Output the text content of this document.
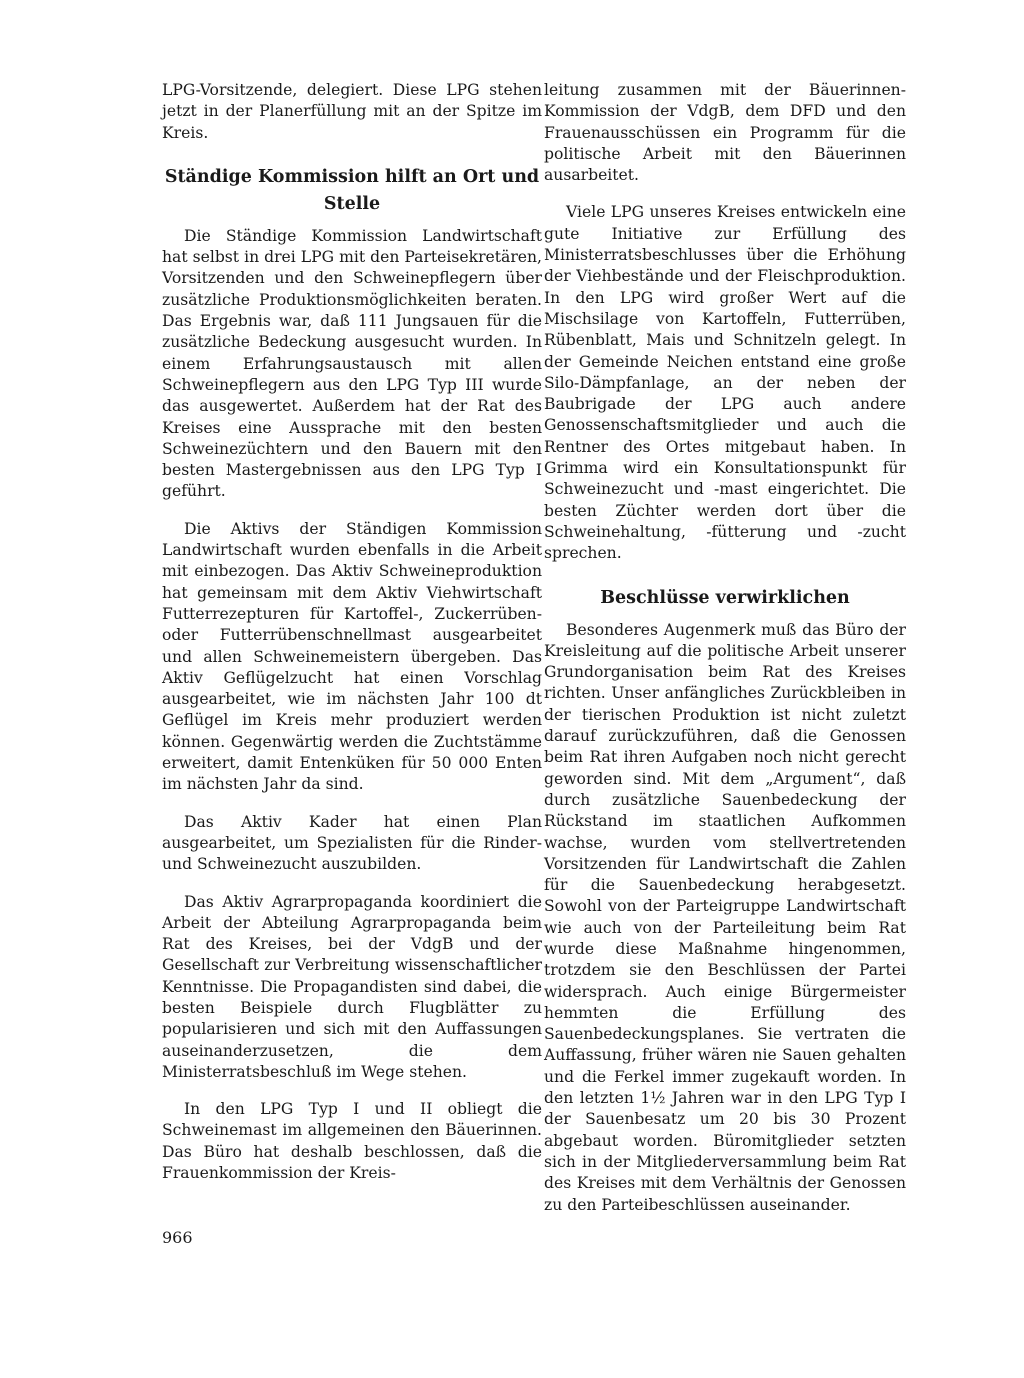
LPG-Vorsitzende, delegiert. Diese LPG stehen jetzt in der Planerfüllung mit an der Spitze im Kreis.

Ständige Kommission hilft an Ort und Stelle

Die Ständige Kommission Landwirtschaft hat selbst in drei LPG mit den Parteisekretären, Vorsitzenden und den Schweinepflegern über zusätzliche Produktionsmöglichkeiten beraten. Das Ergebnis war, daß 111 Jungsauen für die zusätzliche Bedeckung ausgesucht wurden. In einem Erfahrungsaustausch mit allen Schweinepflegern aus den LPG Typ III wurde das ausgewertet. Außerdem hat der Rat des Kreises eine Aussprache mit den besten Schweinezüchtern und den Bauern mit den besten Mastergebnissen aus den LPG Typ I geführt.

Die Aktivs der Ständigen Kommission Landwirtschaft wurden ebenfalls in die Arbeit mit einbezogen. Das Aktiv Schweineproduktion hat gemeinsam mit dem Aktiv Viehwirtschaft Futterrezepturen für Kartoffel-, Zuckerrüben- oder Futterrübenschnellmast ausgearbeitet und allen Schweinemeistern übergeben. Das Aktiv Geflügelzucht hat einen Vorschlag ausgearbeitet, wie im nächsten Jahr 100 dt Geflügel im Kreis mehr produziert werden können. Gegenwärtig werden die Zuchtstämme erweitert, damit Entenküken für 50 000 Enten im nächsten Jahr da sind.

Das Aktiv Kader hat einen Plan ausgearbeitet, um Spezialisten für die Rinder- und Schweinezucht auszubilden.

Das Aktiv Agrarpropaganda koordiniert die Arbeit der Abteilung Agrarpropaganda beim Rat des Kreises, bei der VdgB und der Gesellschaft zur Verbreitung wissenschaftlicher Kenntnisse. Die Propagandisten sind dabei, die besten Beispiele durch Flugblätter zu popularisieren und sich mit den Auffassungen auseinanderzusetzen, die dem Ministerratsbeschluß im Wege stehen.

In den LPG Typ I und II obliegt die Schweinemast im allgemeinen den Bäuerinnen. Das Büro hat deshalb beschlossen, daß die Frauenkommission der Kreis-

leitung zusammen mit der Bäuerinnen-Kommission der VdgB, dem DFD und den Frauenausschüssen ein Programm für die politische Arbeit mit den Bäuerinnen ausarbeitet.

Viele LPG unseres Kreises entwickeln eine gute Initiative zur Erfüllung des Ministerratsbeschlusses über die Erhöhung der Viehbestände und der Fleischproduktion. In den LPG wird großer Wert auf die Mischsilage von Kartoffeln, Futterrüben, Rübenblatt, Mais und Schnitzeln gelegt. In der Gemeinde Neichen entstand eine große Silo-Dämpfanlage, an der neben der Baubrigade der LPG auch andere Genossenschaftsmitglieder und auch die Rentner des Ortes mitgebaut haben. In Grimma wird ein Konsultationspunkt für Schweinezucht und -mast eingerichtet. Die besten Züchter werden dort über die Schweinehaltung, -fütterung und -zucht sprechen.

Beschlüsse verwirklichen

Besonderes Augenmerk muß das Büro der Kreisleitung auf die politische Arbeit unserer Grundorganisation beim Rat des Kreises richten. Unser anfängliches Zurückbleiben in der tierischen Produktion ist nicht zuletzt darauf zurückzuführen, daß die Genossen beim Rat ihren Aufgaben noch nicht gerecht geworden sind. Mit dem „Argument“, daß durch zusätzliche Sauenbedeckung der Rückstand im staatlichen Aufkommen wachse, wurden vom stellvertretenden Vorsitzenden für Landwirtschaft die Zahlen für die Sauenbedeckung herabgesetzt. Sowohl von der Parteigruppe Landwirtschaft wie auch von der Parteileitung beim Rat wurde diese Maßnahme hingenommen, trotzdem sie den Beschlüssen der Partei widersprach. Auch einige Bürgermeister hemmten die Erfüllung des Sauenbedeckungsplanes. Sie vertraten die Auffassung, früher wären nie Sauen gehalten und die Ferkel immer zugekauft worden. In den letzten 1½ Jahren war in den LPG Typ I der Sauenbesatz um 20 bis 30 Prozent abgebaut worden. Büromitglieder setzten sich in der Mitgliederversammlung beim Rat des Kreises mit dem Verhältnis der Genossen zu den Parteibeschlüssen auseinander.

966
